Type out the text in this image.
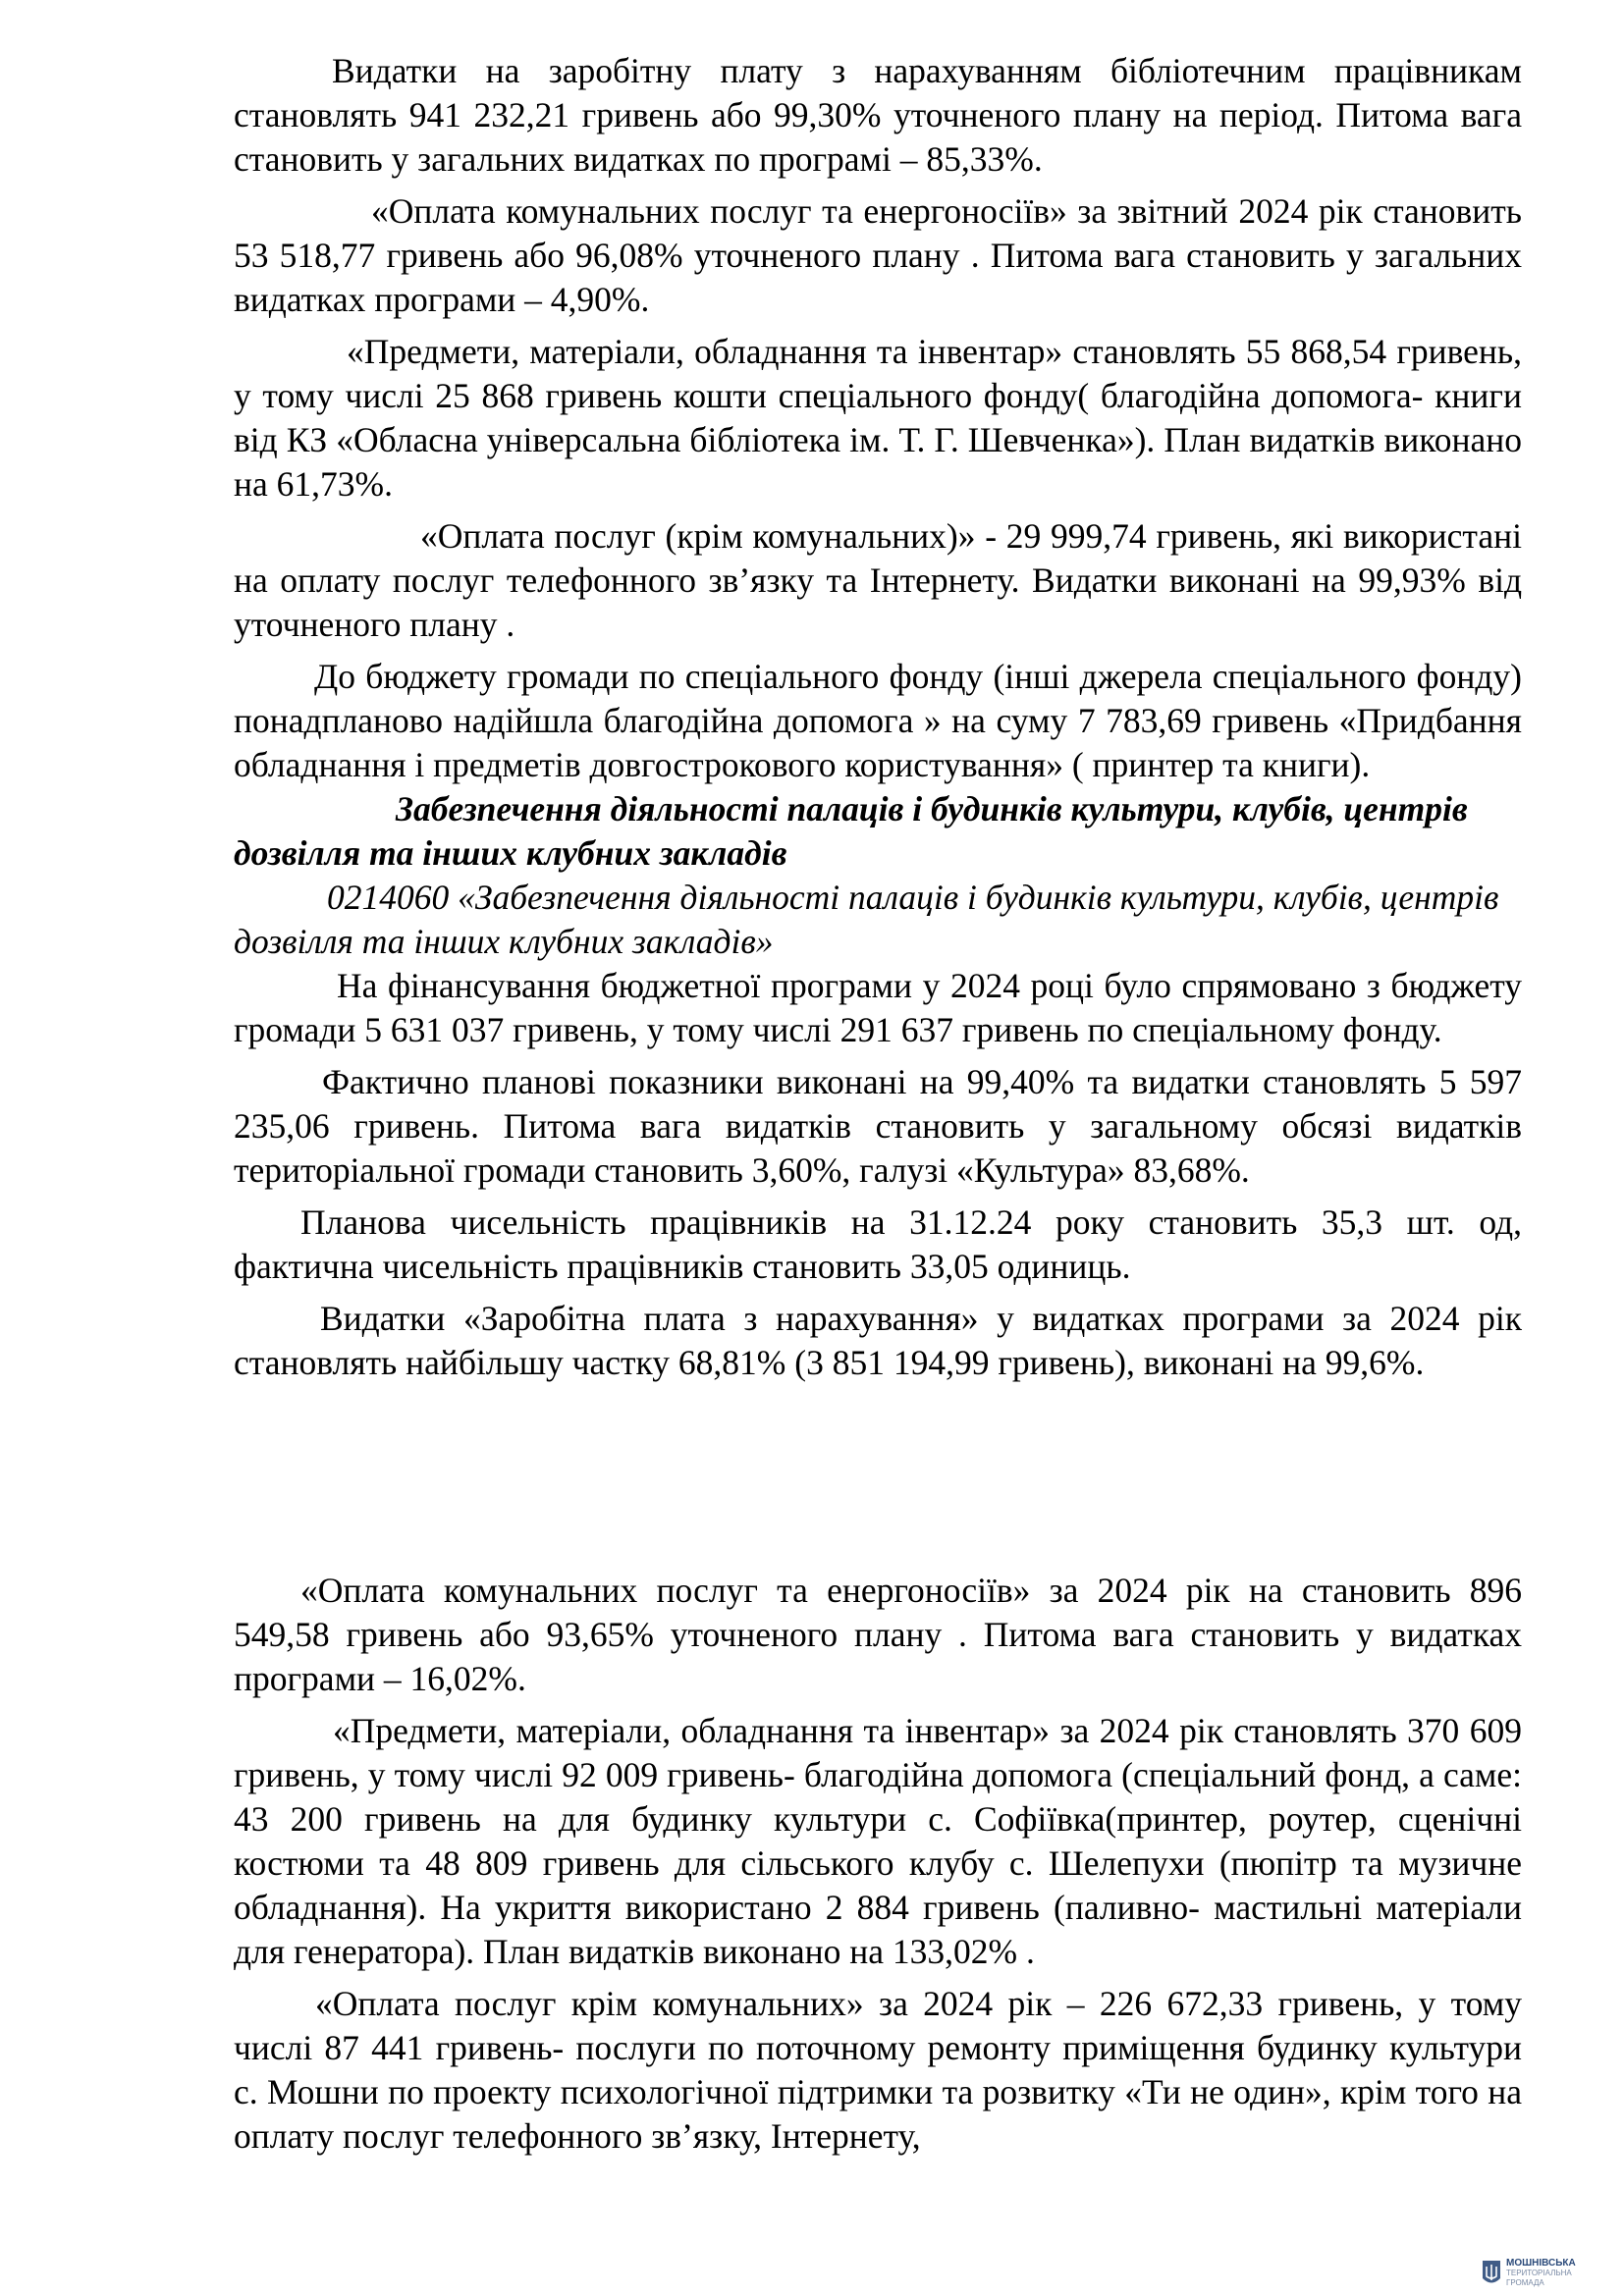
Видатки на заробітну плату з нарахуванням бібліотечним працівникам становлять 941 232,21 гривень або 99,30% уточненого плану на період. Питома вага становить у загальних видатках по програмі – 85,33%.

«Оплата комунальних послуг та енергоносіїв» за звітний 2024 рік становить 53 518,77 гривень або 96,08% уточненого плану . Питома вага становить у загальних видатках програми – 4,90%.

«Предмети, матеріали, обладнання та інвентар» становлять 55 868,54 гривень, у тому числі 25 868 гривень кошти спеціального фонду( благодійна допомога- книги від КЗ «Обласна універсальна бібліотека ім. Т. Г. Шевченка»). План видатків виконано на 61,73%.

«Оплата послуг (крім комунальних)» - 29 999,74 гривень, які використані на оплату послуг телефонного зв’язку та Інтернету. Видатки виконані на 99,93% від уточненого плану .

До бюджету громади по спеціального фонду (інші джерела спеціального фонду) понадпланово надійшла благодійна допомога » на суму 7 783,69 гривень «Придбання обладнання і предметів довгострокового користування» ( принтер та книги).

Забезпечення діяльності палаців і будинків культури, клубів, центрів дозвілля та інших клубних закладів

0214060 «Забезпечення діяльності палаців і будинків культури, клубів, центрів дозвілля та інших клубних закладів»

На фінансування бюджетної програми у 2024 році було спрямовано з бюджету громади 5 631 037 гривень, у тому числі 291 637 гривень по спеціальному фонду.

Фактично планові показники виконані на 99,40% та видатки становлять 5 597 235,06 гривень. Питома вага видатків становить у загальному обсязі видатків територіальної громади становить 3,60%, галузі «Культура» 83,68%.

Планова чисельність працівників на 31.12.24 року становить 35,3 шт. од, фактична чисельність працівників становить 33,05 одиниць.

Видатки «Заробітна плата з нарахування» у видатках програми за 2024 рік становлять найбільшу частку 68,81% (3 851 194,99 гривень), виконані на 99,6%.

«Оплата комунальних послуг та енергоносіїв» за 2024 рік на становить 896 549,58 гривень або 93,65% уточненого плану . Питома вага становить у видатках програми – 16,02%.

«Предмети, матеріали, обладнання та інвентар» за 2024 рік становлять 370 609 гривень, у тому числі 92 009 гривень- благодійна допомога (спеціальний фонд, а саме: 43 200 гривень на для будинку культури с. Софіївка(принтер, роутер, сценічні костюми та 48 809 гривень для сільського клубу с. Шелепухи (пюпітр та музичне обладнання). На укриття використано 2 884 гривень (паливно- мастильні матеріали для генератора). План видатків виконано на 133,02% .

«Оплата послуг крім комунальних» за 2024 рік – 226 672,33 гривень, у тому числі 87 441 гривень- послуги по поточному ремонту приміщення будинку культури с. Мошни по проекту психологічної підтримки та розвитку «Ти не один», крім того на оплату послуг телефонного зв’язку, Інтернету,

МОШНІВСЬКА
ТЕРИТОРІАЛЬНА
ГРОМАДА
